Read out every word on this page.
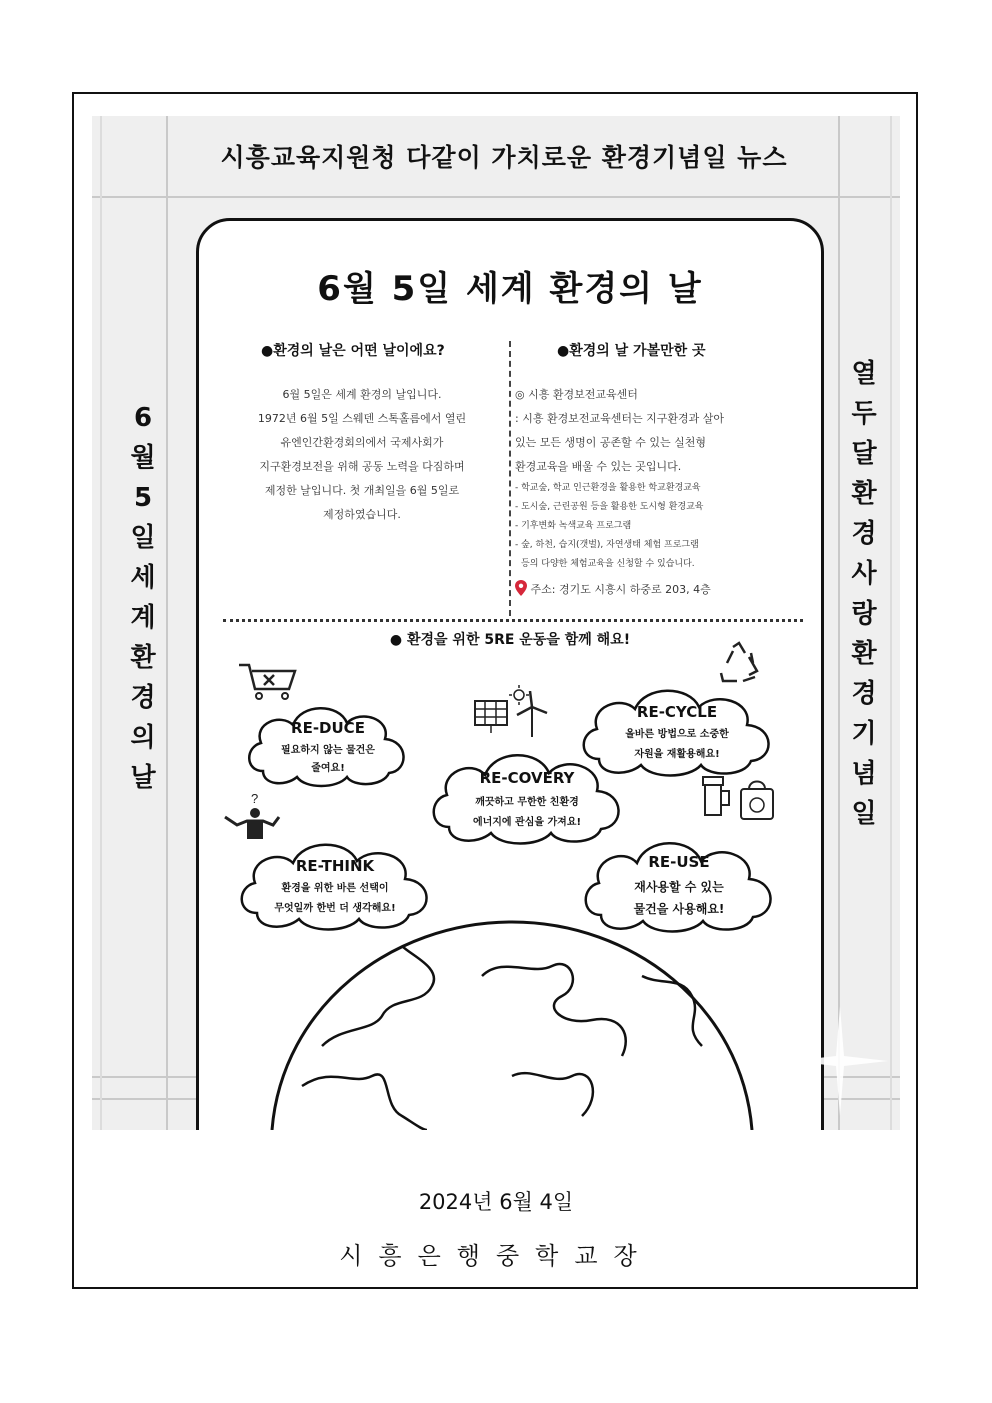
시흥교육지원청 다같이 가치로운 환경기념일 뉴스
6
월
5
일
세
계
환
경
의
날
열
두
달
환
경
사
랑
환
경
기
념
일
6월 5일 세계 환경의 날
●환경의 날은 어떤 날이에요?	●환경의 날 가볼만한 곳
6월 5일은 세계 환경의 날입니다.
1972년 6월 5일 스웨덴 스톡홀름에서 열린
유엔인간환경회의에서 국제사회가
지구환경보전을 위해 공동 노력을 다짐하며
제정한 날입니다. 첫 개최일을 6월 5일로
제정하였습니다.
◎ 시흥 환경보전교육센터
: 시흥 환경보전교육센터는 지구환경과 살아
있는 모든 생명이 공존할 수 있는 실천형
환경교육을 배울 수 있는 곳입니다.
- 학교숲, 학교 인근환경을 활용한 학교환경교육
- 도시숲, 근린공원 등을 활용한 도시형 환경교육
- 기후변화 녹색교육 프로그램
- 숲, 하천, 습지(갯벌), 자연생태 체험 프로그램
등의 다양한 체험교육을 신청할 수 있습니다.
주소: 경기도 시흥시 하중로 203, 4층
● 환경을 위한 5RE 운동을 함께 해요!
?
RE-DUCE
필요하지 않는 물건은
줄여요!
RE-CYCLE
올바른 방법으로 소중한
자원을 재활용해요!
RE-COVERY
깨끗하고 무한한 친환경
에너지에 관심을 가져요!
RE-THINK
환경을 위한 바른 선택이
무엇일까 한번 더 생각해요!
RE-USE
재사용할 수 있는
물건을 사용해요!
2024년 6월 4일
시흥은행중학교장
